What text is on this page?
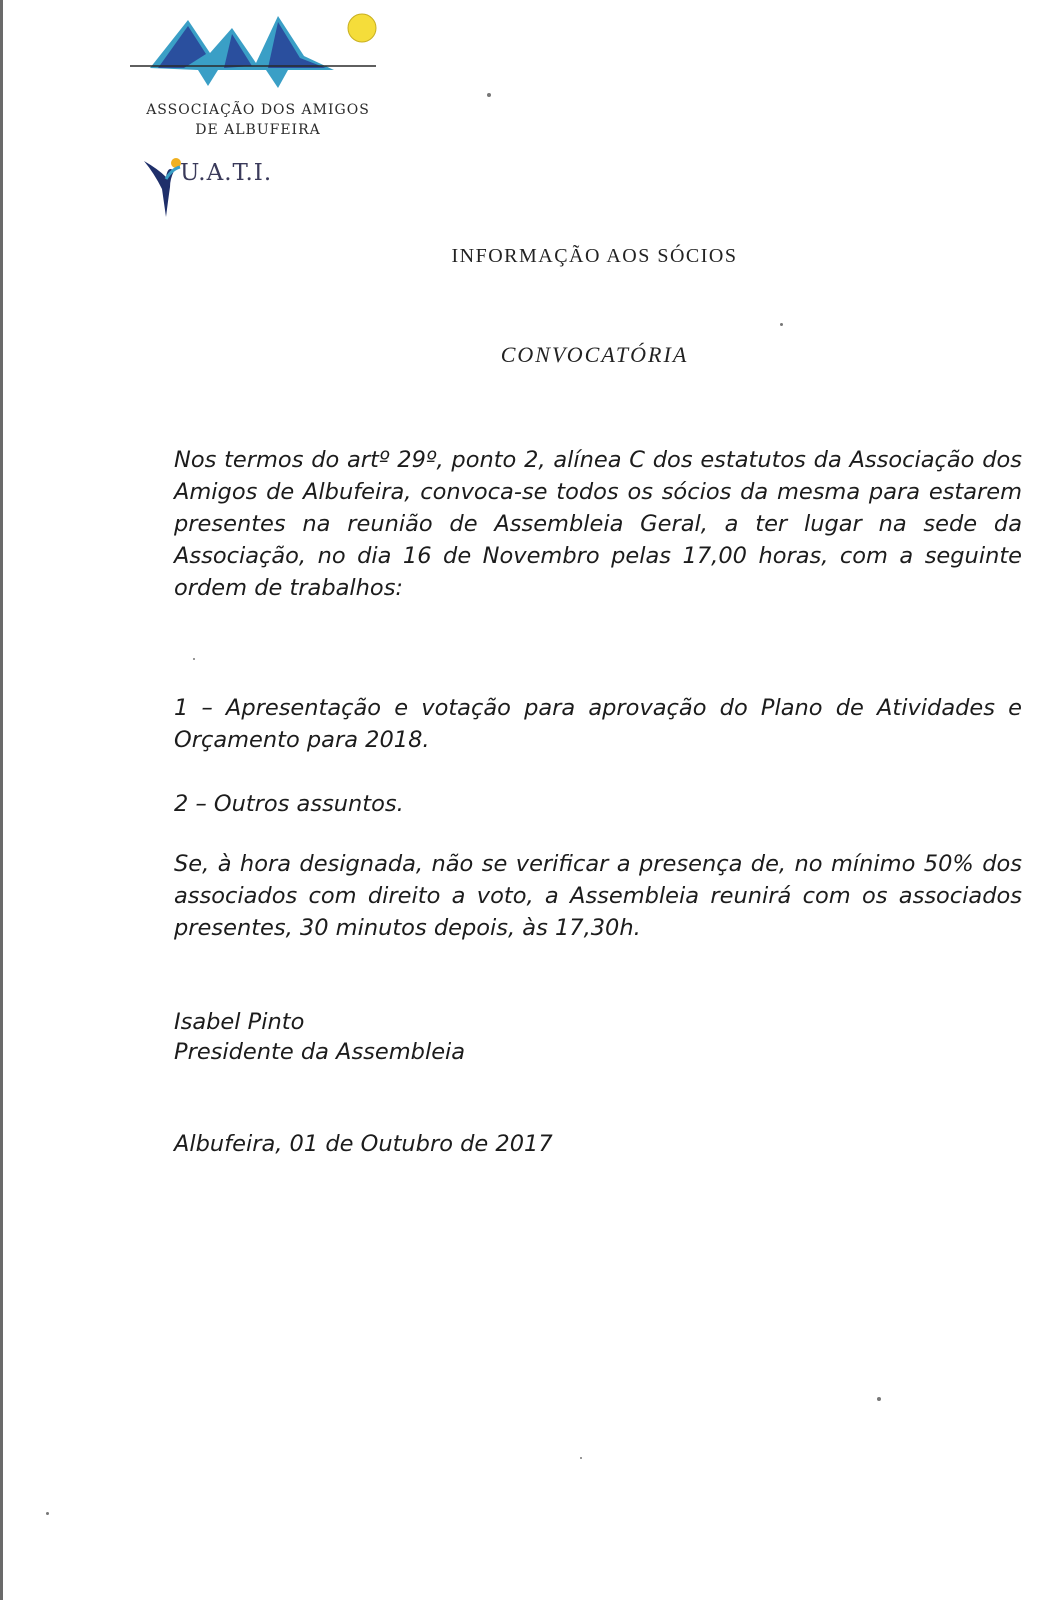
ASSOCIAÇÃO DOS AMIGOS
DE ALBUFEIRA
U.A.T.I.
INFORMAÇÃO AOS SÓCIOS
CONVOCATÓRIA

Nos termos do artº 29º, ponto 2, alínea C dos estatutos da Associação dos Amigos de Albufeira, convoca-se todos os sócios da mesma para estarem presentes na reunião de Assembleia Geral, a ter lugar na sede da Associação, no dia 16 de Novembro pelas 17,00 horas, com a seguinte ordem de trabalhos:

1 – Apresentação e votação para aprovação do Plano de Atividades e Orçamento para 2018.

2 – Outros assuntos.

Se, à hora designada, não se verificar a presença de, no mínimo 50% dos associados com direito a voto, a Assembleia reunirá com os associados presentes, 30 minutos depois, às 17,30h.

Isabel Pinto

Presidente da Assembleia

Albufeira, 01 de Outubro de 2017
